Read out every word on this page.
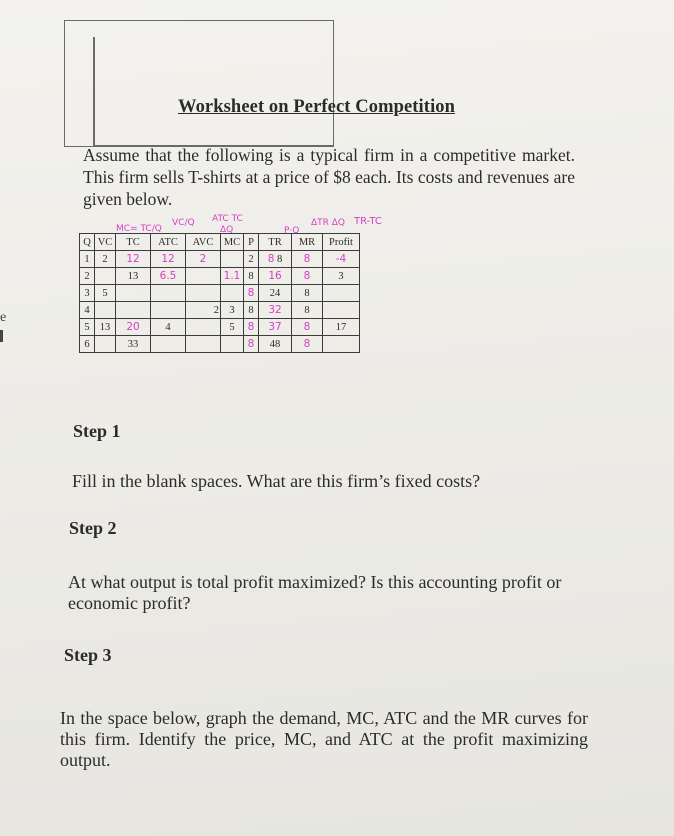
e
Worksheet on Perfect Competition
Assume that the following is a typical firm in a competitive market. This firm sells T-shirts at a price of $8 each. Its costs and revenues are given below.
MC= TC/Q
VC/Q ATC TC
ΔQ	P·Q
ΔTR ΔQ TR-TC
Q	VC	TC	ATC	AVC	MC	P	TR	MR	Profit
1	2	12	12	2		2	8 8	8	-4
2		13	6.5		1.1	8	16	8	3
3	5					8	24	8	
4				2	3	8	32	8	
5	13	20	4		5	8	37	8	17
6		33				8	48	8	
Step 1
Fill in the blank spaces. What are this firm’s fixed costs?
Step 2
At what output is total profit maximized? Is this accounting profit or economic profit?
Step 3
In the space below, graph the demand, MC, ATC and the MR curves for this firm. Identify the price, MC, and ATC at the profit maximizing output.
